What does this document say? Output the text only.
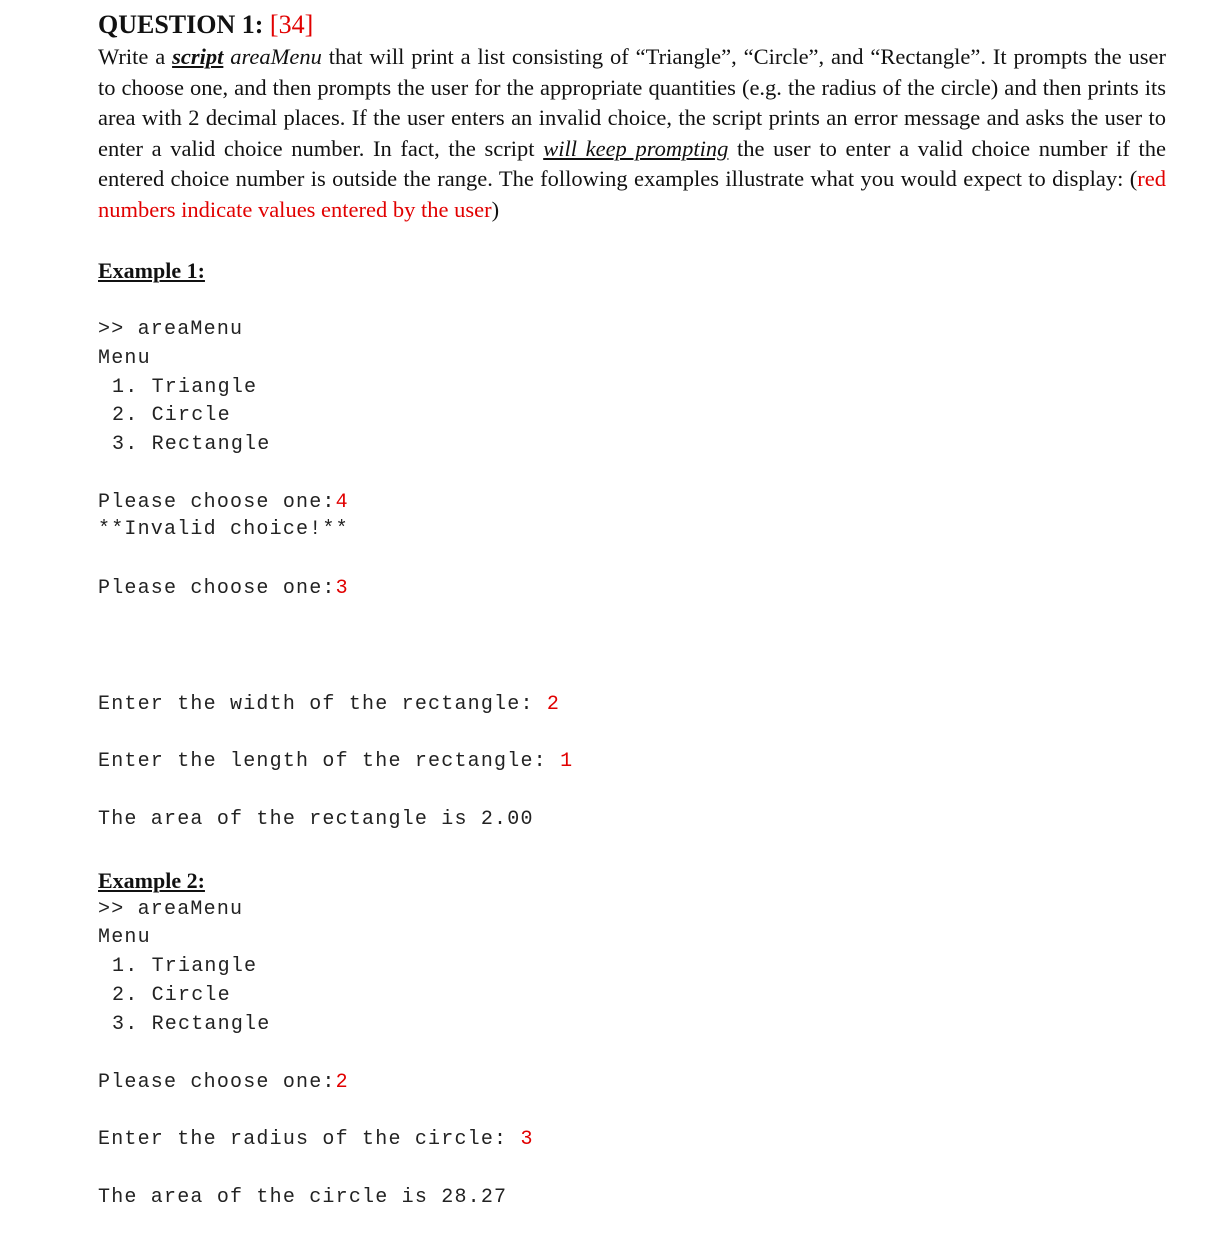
QUESTION 1: [34]

Write a script areaMenu that will print a list consisting of “Triangle”, “Circle”, and “Rectangle”. It prompts the user to choose one, and then prompts the user for the appropriate quantities (e.g. the radius of the circle) and then prints its area with 2 decimal places. If the user enters an invalid choice, the script prints an error message and asks the user to enter a valid choice number. In fact, the script will keep prompting the user to enter a valid choice number if the entered choice number is outside the range. The following examples illustrate what you would expect to display: (red numbers indicate values entered by the user)

Example 1:
>> areaMenu
Menu
1. Triangle
2. Circle
3. Rectangle
Please choose one:4
**Invalid choice!**
Please choose one:3
Enter the width of the rectangle: 2
Enter the length of the rectangle: 1
The area of the rectangle is 2.00
Example 2:
>> areaMenu
Menu
1. Triangle
2. Circle
3. Rectangle
Please choose one:2
Enter the radius of the circle: 3
The area of the circle is 28.27
